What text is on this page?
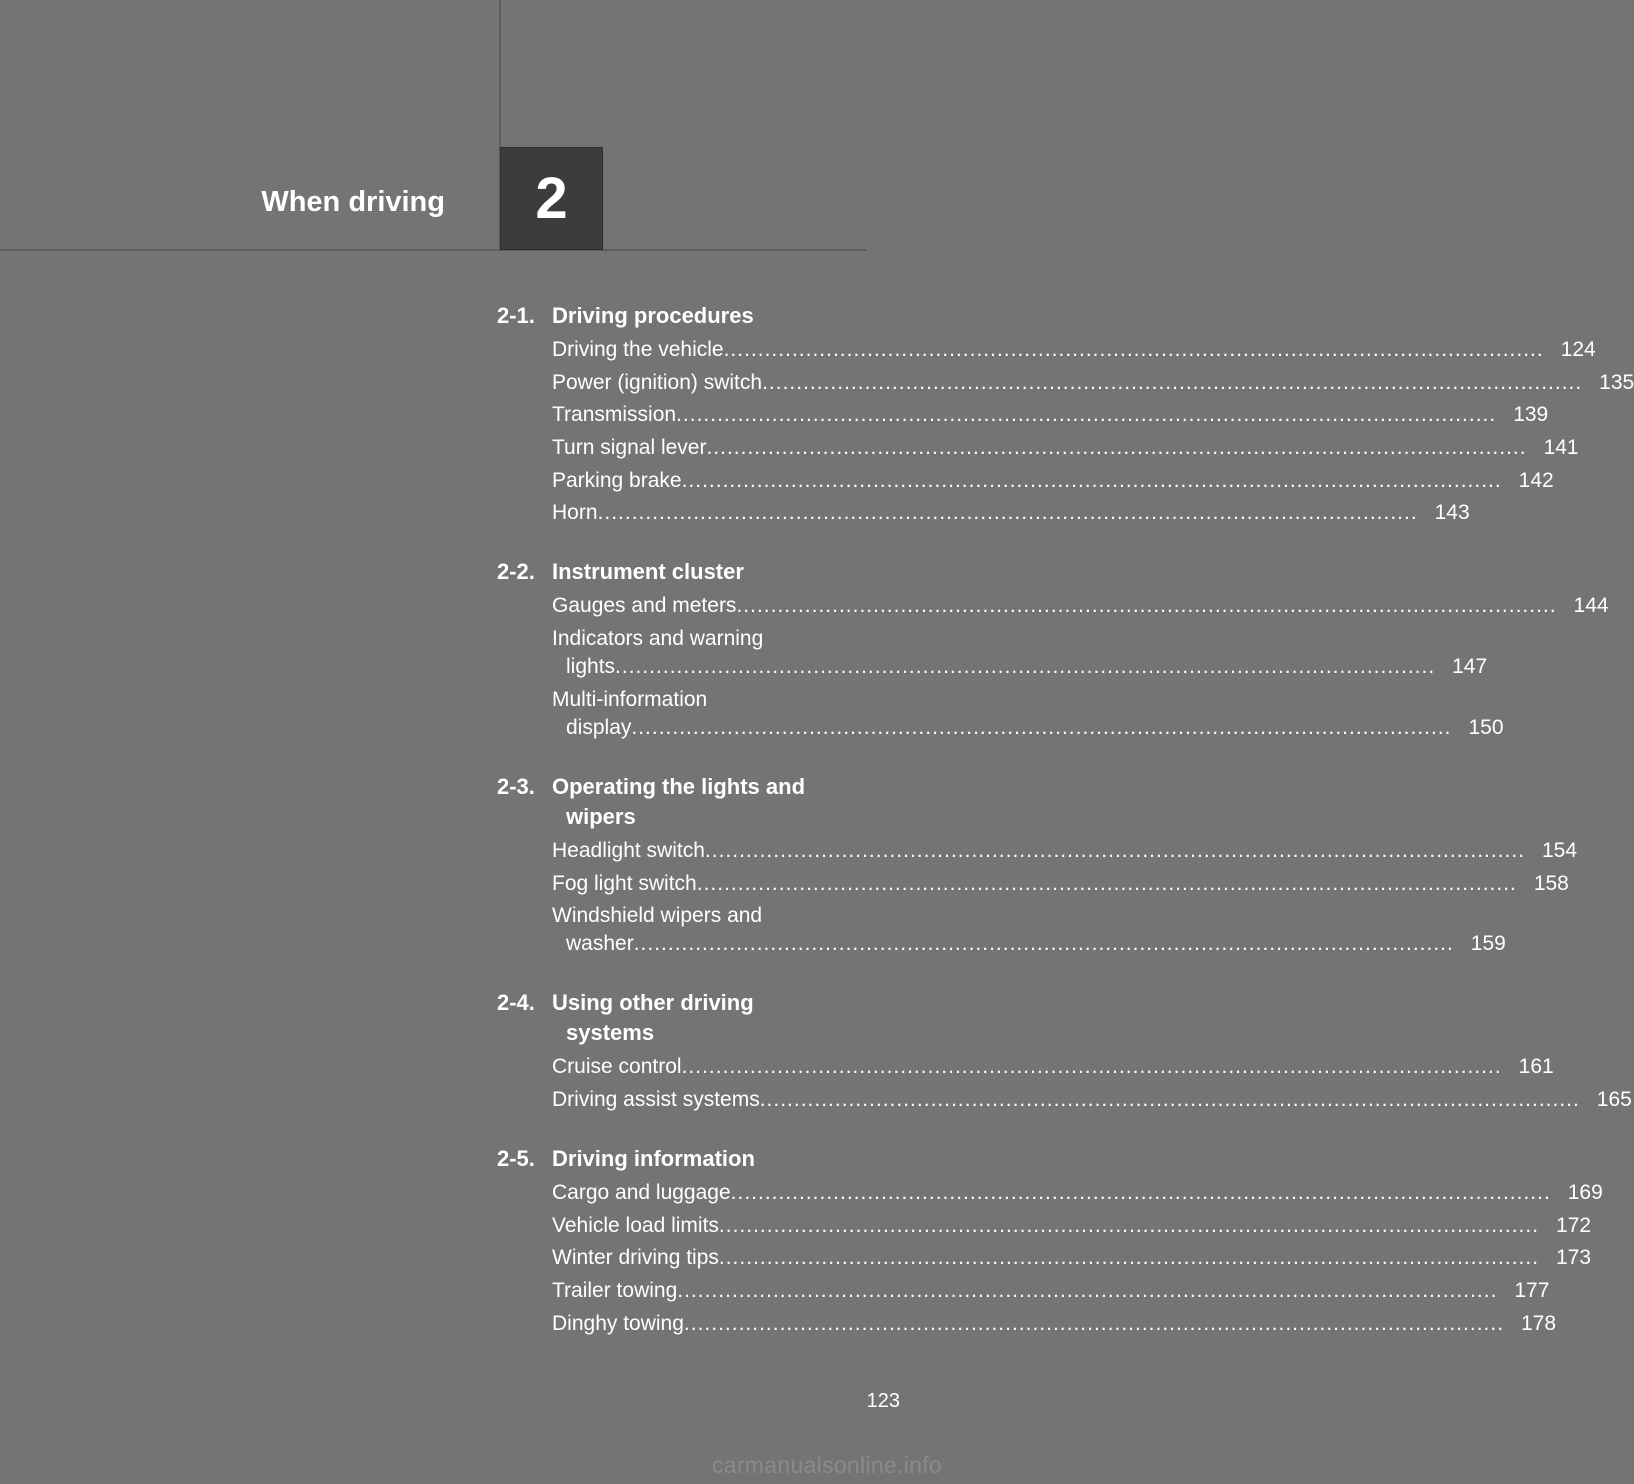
When driving 2
2-1. Driving procedures
Driving the vehicle ........................................................................................................................ 124
Power (ignition) switch ........................................................................................................................ 135
Transmission ........................................................................................................................ 139
Turn signal lever ........................................................................................................................ 141
Parking brake ........................................................................................................................ 142
Horn ........................................................................................................................ 143
2-2. Instrument cluster
Gauges and meters ........................................................................................................................ 144
Indicators and warning
lights ........................................................................................................................ 147
Multi-information
display ........................................................................................................................ 150
2-3. Operating the lights and
wipers
Headlight switch ........................................................................................................................ 154
Fog light switch ........................................................................................................................ 158
Windshield wipers and
washer ........................................................................................................................ 159
2-4. Using other driving
systems
Cruise control ........................................................................................................................ 161
Driving assist systems ........................................................................................................................ 165
2-5. Driving information
Cargo and luggage ........................................................................................................................ 169
Vehicle load limits ........................................................................................................................ 172
Winter driving tips ........................................................................................................................ 173
Trailer towing ........................................................................................................................ 177
Dinghy towing ........................................................................................................................ 178
123
carmanualsonline.info
